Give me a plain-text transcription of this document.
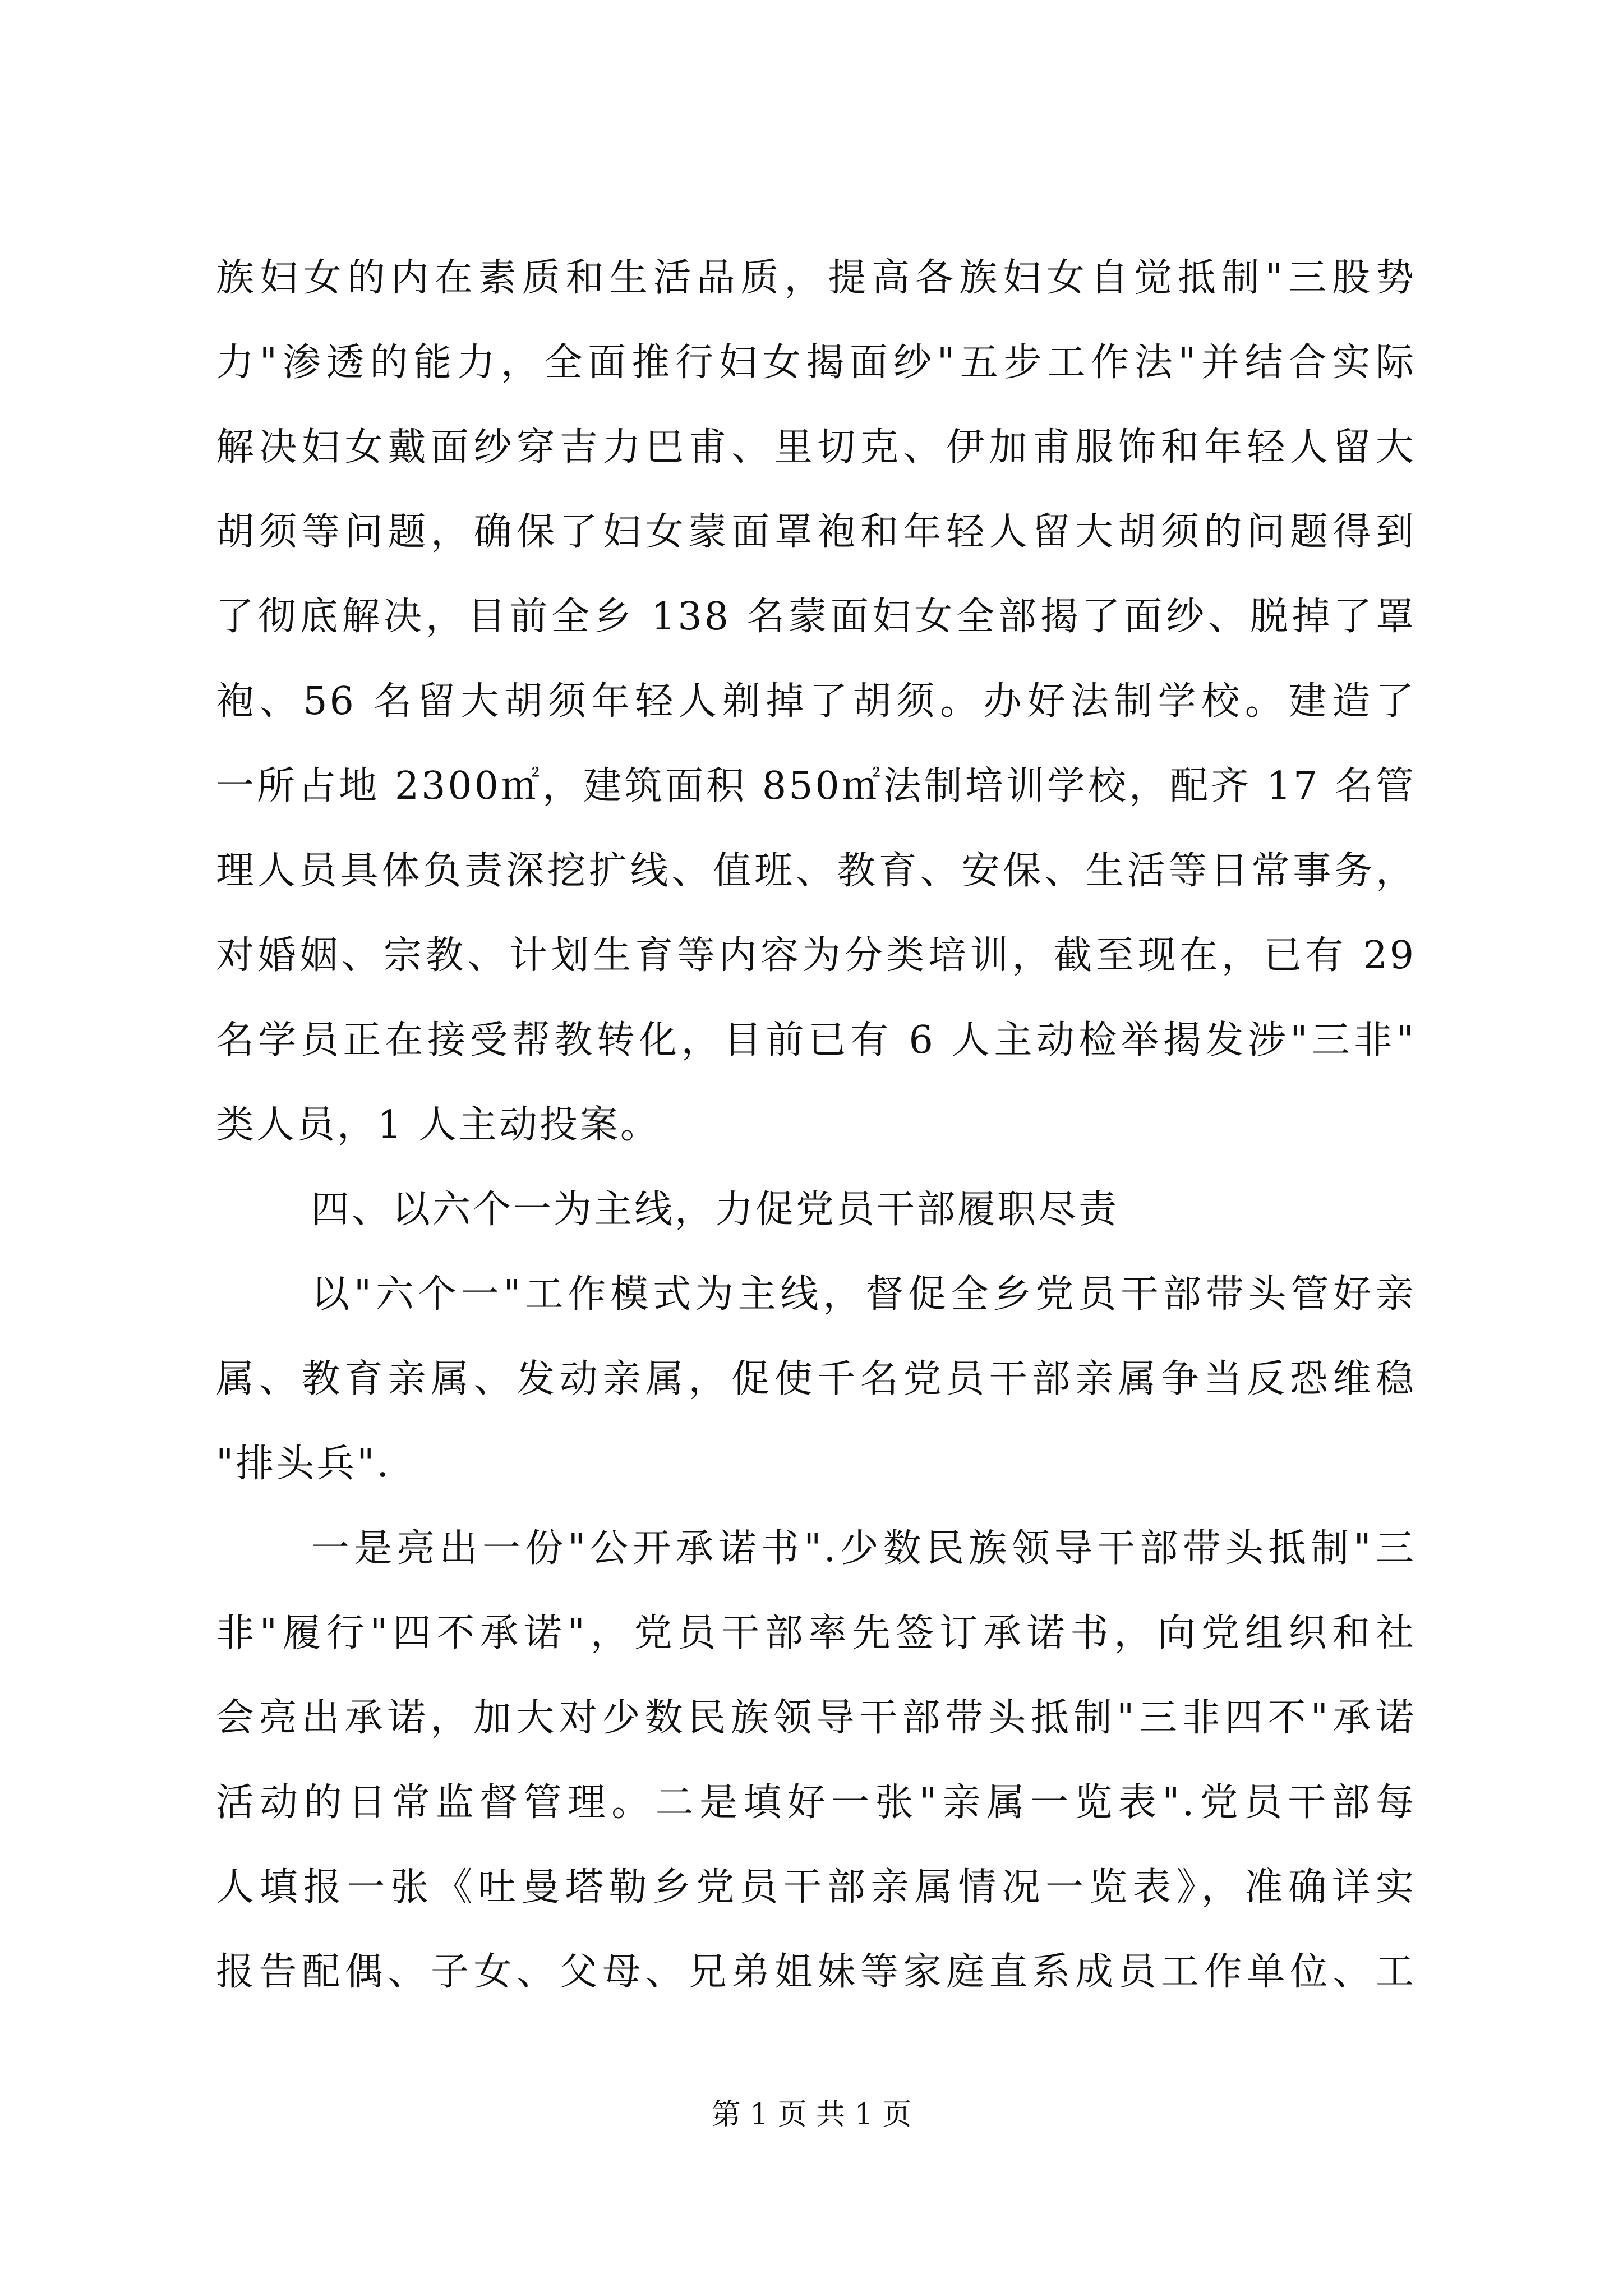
族妇女的内在素质和生活品质，提高各族妇女自觉抵制"三股势
力"渗透的能力，全面推行妇女揭面纱"五步工作法"并结合实际
解决妇女戴面纱穿吉力巴甫、里切克、伊加甫服饰和年轻人留大
胡须等问题，确保了妇女蒙面罩袍和年轻人留大胡须的问题得到
了彻底解决，目前全乡 138 名蒙面妇女全部揭了面纱、脱掉了罩
袍、56 名留大胡须年轻人剃掉了胡须。办好法制学校。建造了
一所占地 2300㎡，建筑面积 850㎡法制培训学校，配齐 17 名管
理人员具体负责深挖扩线、值班、教育、安保、生活等日常事务，
对婚姻、宗教、计划生育等内容为分类培训，截至现在，已有 29
名学员正在接受帮教转化，目前已有 6 人主动检举揭发涉"三非"
类人员，1 人主动投案。
四、以六个一为主线，力促党员干部履职尽责
以"六个一"工作模式为主线，督促全乡党员干部带头管好亲
属、教育亲属、发动亲属，促使千名党员干部亲属争当反恐维稳
"排头兵".
一是亮出一份"公开承诺书".少数民族领导干部带头抵制"三
非"履行"四不承诺"，党员干部率先签订承诺书，向党组织和社
会亮出承诺，加大对少数民族领导干部带头抵制"三非四不"承诺
活动的日常监督管理。二是填好一张"亲属一览表".党员干部每
人填报一张《吐曼塔勒乡党员干部亲属情况一览表》，准确详实
报告配偶、子女、父母、兄弟姐妹等家庭直系成员工作单位、工
第 1 页 共 1 页
